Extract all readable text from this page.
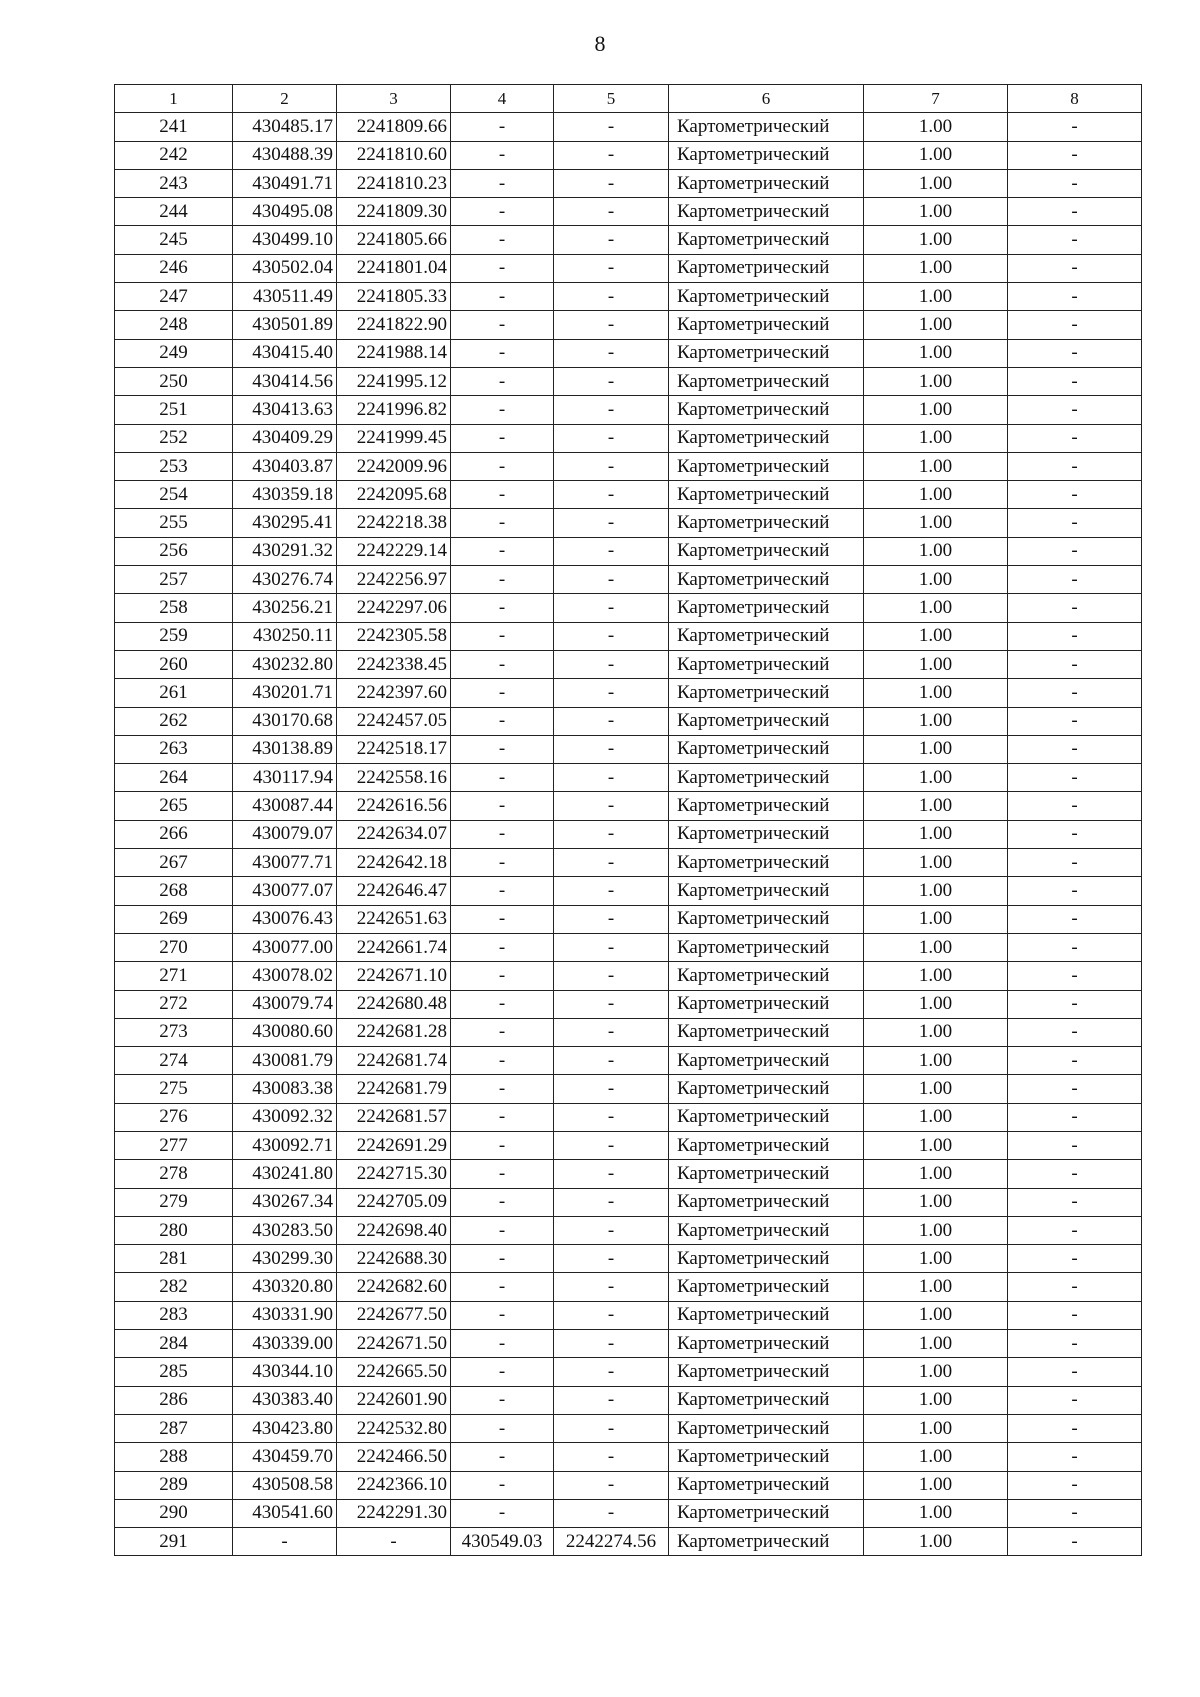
8
1	2	3	4	5	6	7	8
241	430485.17	2241809.66	-	-	Картометрический	1.00	-
242	430488.39	2241810.60	-	-	Картометрический	1.00	-
243	430491.71	2241810.23	-	-	Картометрический	1.00	-
244	430495.08	2241809.30	-	-	Картометрический	1.00	-
245	430499.10	2241805.66	-	-	Картометрический	1.00	-
246	430502.04	2241801.04	-	-	Картометрический	1.00	-
247	430511.49	2241805.33	-	-	Картометрический	1.00	-
248	430501.89	2241822.90	-	-	Картометрический	1.00	-
249	430415.40	2241988.14	-	-	Картометрический	1.00	-
250	430414.56	2241995.12	-	-	Картометрический	1.00	-
251	430413.63	2241996.82	-	-	Картометрический	1.00	-
252	430409.29	2241999.45	-	-	Картометрический	1.00	-
253	430403.87	2242009.96	-	-	Картометрический	1.00	-
254	430359.18	2242095.68	-	-	Картометрический	1.00	-
255	430295.41	2242218.38	-	-	Картометрический	1.00	-
256	430291.32	2242229.14	-	-	Картометрический	1.00	-
257	430276.74	2242256.97	-	-	Картометрический	1.00	-
258	430256.21	2242297.06	-	-	Картометрический	1.00	-
259	430250.11	2242305.58	-	-	Картометрический	1.00	-
260	430232.80	2242338.45	-	-	Картометрический	1.00	-
261	430201.71	2242397.60	-	-	Картометрический	1.00	-
262	430170.68	2242457.05	-	-	Картометрический	1.00	-
263	430138.89	2242518.17	-	-	Картометрический	1.00	-
264	430117.94	2242558.16	-	-	Картометрический	1.00	-
265	430087.44	2242616.56	-	-	Картометрический	1.00	-
266	430079.07	2242634.07	-	-	Картометрический	1.00	-
267	430077.71	2242642.18	-	-	Картометрический	1.00	-
268	430077.07	2242646.47	-	-	Картометрический	1.00	-
269	430076.43	2242651.63	-	-	Картометрический	1.00	-
270	430077.00	2242661.74	-	-	Картометрический	1.00	-
271	430078.02	2242671.10	-	-	Картометрический	1.00	-
272	430079.74	2242680.48	-	-	Картометрический	1.00	-
273	430080.60	2242681.28	-	-	Картометрический	1.00	-
274	430081.79	2242681.74	-	-	Картометрический	1.00	-
275	430083.38	2242681.79	-	-	Картометрический	1.00	-
276	430092.32	2242681.57	-	-	Картометрический	1.00	-
277	430092.71	2242691.29	-	-	Картометрический	1.00	-
278	430241.80	2242715.30	-	-	Картометрический	1.00	-
279	430267.34	2242705.09	-	-	Картометрический	1.00	-
280	430283.50	2242698.40	-	-	Картометрический	1.00	-
281	430299.30	2242688.30	-	-	Картометрический	1.00	-
282	430320.80	2242682.60	-	-	Картометрический	1.00	-
283	430331.90	2242677.50	-	-	Картометрический	1.00	-
284	430339.00	2242671.50	-	-	Картометрический	1.00	-
285	430344.10	2242665.50	-	-	Картометрический	1.00	-
286	430383.40	2242601.90	-	-	Картометрический	1.00	-
287	430423.80	2242532.80	-	-	Картометрический	1.00	-
288	430459.70	2242466.50	-	-	Картометрический	1.00	-
289	430508.58	2242366.10	-	-	Картометрический	1.00	-
290	430541.60	2242291.30	-	-	Картометрический	1.00	-
291	-	-	430549.03	2242274.56	Картометрический	1.00	-
